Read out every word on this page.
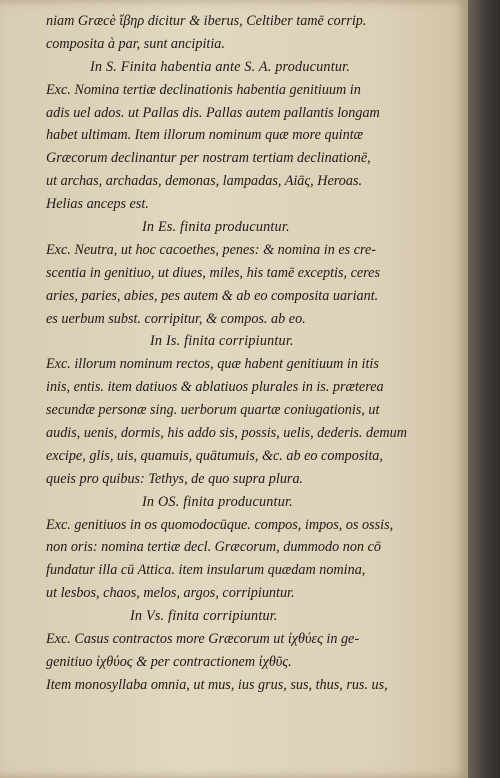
niam Græcè ἴβηρ dicitur & iberus, Celtiber tamē corrip.
composita à par, sunt ancipitia.
In S. Finita habentia ante S. A. producuntur.
Exc. Nomina tertiæ declinationis habentia genitiuum in
adis uel ados. ut Pallas dis. Pallas autem pallantis longam
habet ultimam. Item illorum nominum quæ more quintæ
Græcorum declinantur per nostram tertiam declinationē,
ut archas, archadas, demonas, lampadas, Aiāς, Heroas.
Helias anceps est.
In Es. finita producuntur.
Exc. Neutra, ut hoc cacoethes, penes: & nomina in es cre-
scentia in genitiuo, ut diues, miles, his tamē exceptis, ceres
aries, paries, abies, pes autem & ab eo composita uariant.
es uerbum subst. corripitur, & compos. ab eo.
In Is. finita corripiuntur.
Exc. illorum nominum rectos, quæ habent genitiuum in itis
inis, entis. item datiuos & ablatiuos plurales in is. præterea
secundæ personæ sing. uerborum quartæ coniugationis, ut
audis, uenis, dormis, his addo sis, possis, uelis, dederis. demum
excipe, glis, uis, quamuis, quātumuis, &c. ab eo composita,
queis pro quibus: Tethys, de quo supra plura.
In OS. finita producuntur.
Exc. genitiuos in os quomodocūque. compos, impos, os ossis,
non oris: nomina tertiæ decl. Græcorum, dummodo non cō
fundatur illa cū Attica. item insularum quædam nomina,
ut lesbos, chaos, melos, argos, corripiuntur.
In Vs. finita corripiuntur.
Exc. Casus contractos more Græcorum ut ἰχθύες in ge-
genitiuo ἰχθύος & per contractionem ἰχθῦς.
Item monosyllaba omnia, ut mus, ius grus, sus, thus, rus. us,
